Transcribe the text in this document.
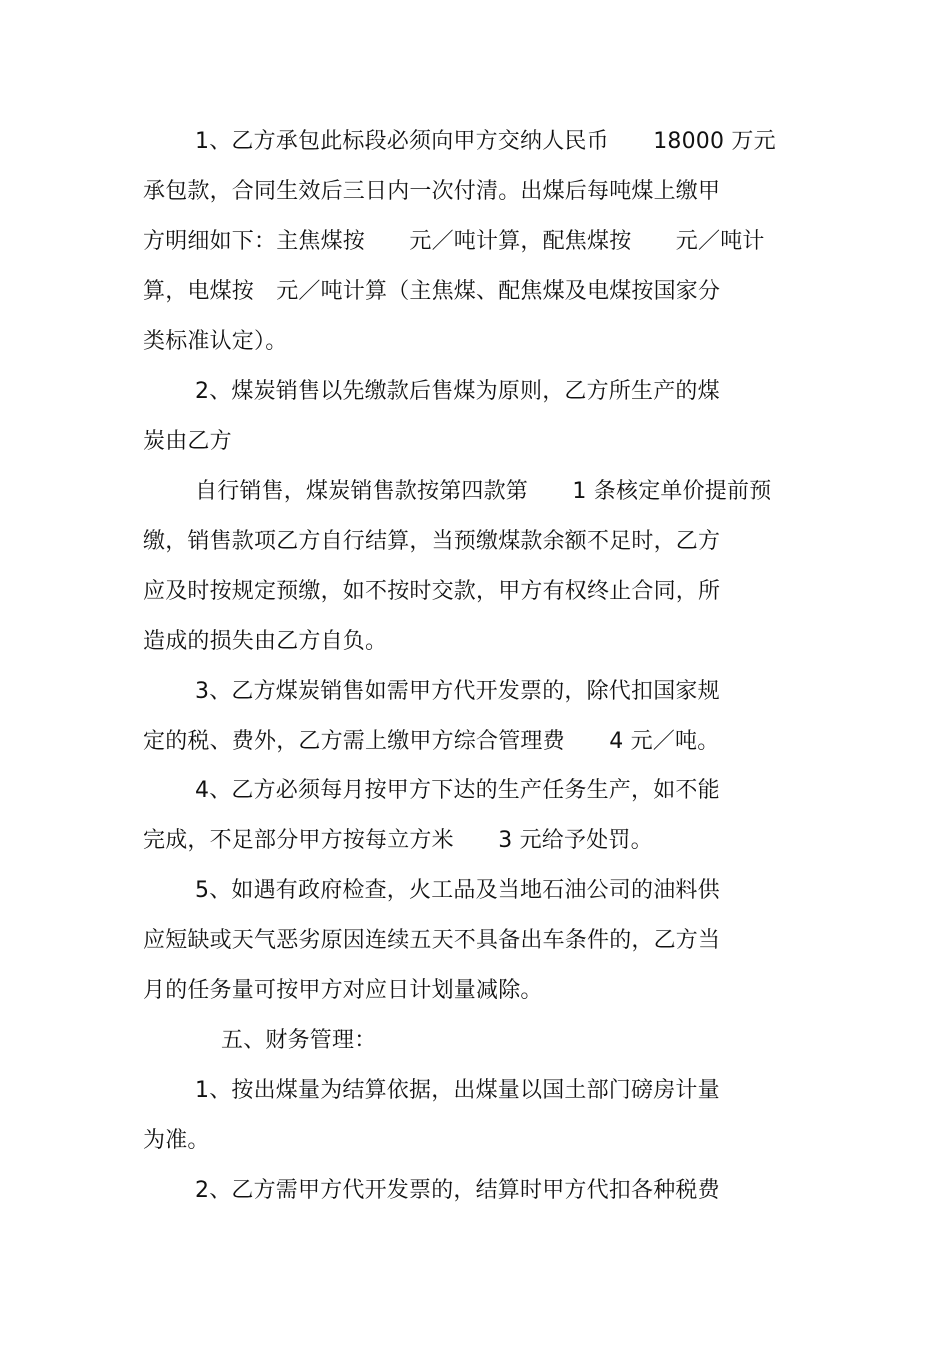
1、乙方承包此标段必须向甲方交纳人民币　　18000 万元
承包款，合同生效后三日内一次付清。出煤后每吨煤上缴甲
方明细如下：主焦煤按　　元／吨计算，配焦煤按　　元／吨计
算，电煤按　元／吨计算（主焦煤、配焦煤及电煤按国家分
类标准认定）。
2、煤炭销售以先缴款后售煤为原则，乙方所生产的煤
炭由乙方
自行销售，煤炭销售款按第四款第　　1 条核定单价提前预
缴，销售款项乙方自行结算，当预缴煤款余额不足时，乙方
应及时按规定预缴，如不按时交款，甲方有权终止合同，所
造成的损失由乙方自负。
3、乙方煤炭销售如需甲方代开发票的，除代扣国家规
定的税、费外，乙方需上缴甲方综合管理费　　4 元／吨。
4、乙方必须每月按甲方下达的生产任务生产，如不能
完成，不足部分甲方按每立方米　　3 元给予处罚。
5、如遇有政府检查，火工品及当地石油公司的油料供
应短缺或天气恶劣原因连续五天不具备出车条件的，乙方当
月的任务量可按甲方对应日计划量减除。
五、财务管理：
1、按出煤量为结算依据，出煤量以国土部门磅房计量
为准。
2、乙方需甲方代开发票的，结算时甲方代扣各种税费
